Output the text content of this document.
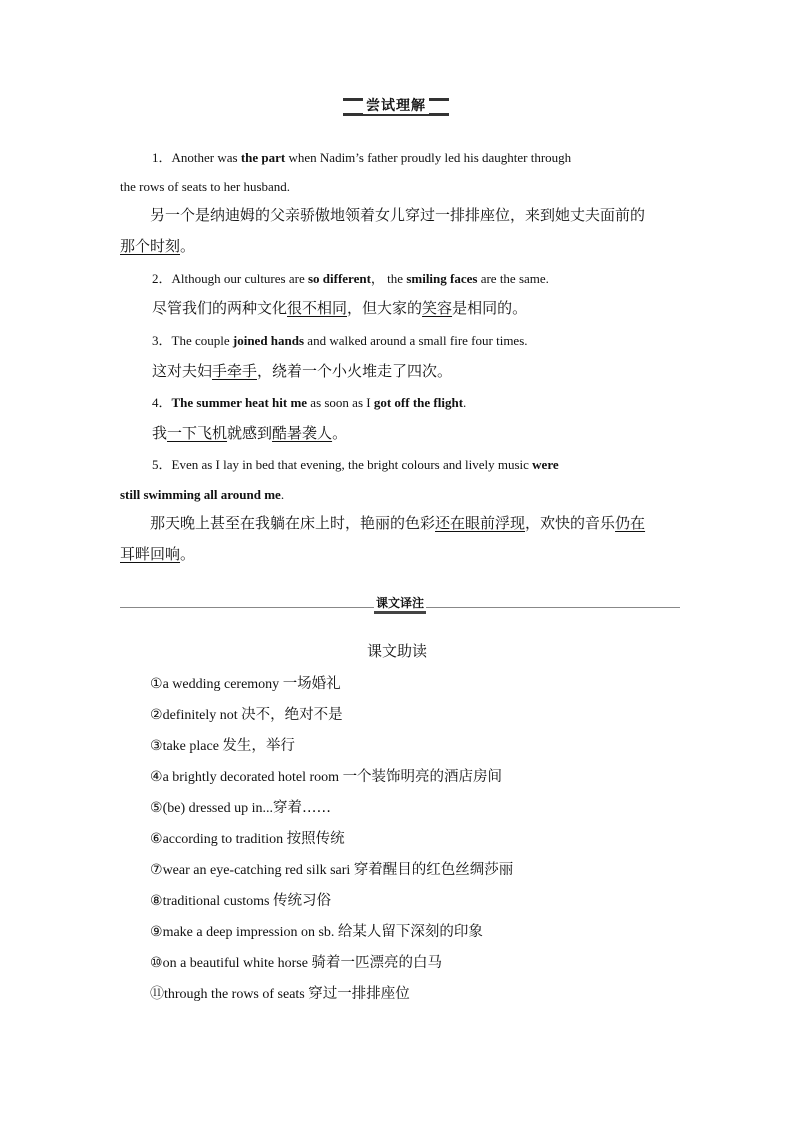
尝试理解
1．Another was the part when Nadim’s father proudly led his daughter through
the rows of seats to her husband.
另一个是纳迪姆的父亲骄傲地领着女儿穿过一排排座位，来到她丈夫面前的
那个时刻。
2．Although our cultures are so different， the smiling faces are the same.
尽管我们的两种文化很不相同，但大家的笑容是相同的。
3．The couple joined hands and walked around a small fire four times.
这对夫妇手牵手，绕着一个小火堆走了四次。
4．The summer heat hit me as soon as I got off the flight.
我一下飞机就感到酷暑袭人。
5．Even as I lay in bed that evening, the bright colours and lively music were
still swimming all around me.
那天晚上甚至在我躺在床上时，艳丽的色彩还在眼前浮现，欢快的音乐仍在
耳畔回响。
课文译注
课文助读
①a wedding ceremony 一场婚礼
②definitely not 决不，绝对不是
③take place 发生，举行
④a brightly decorated hotel room 一个装饰明亮的酒店房间
⑤(be) dressed up in...穿着……
⑥according to tradition 按照传统
⑦wear an eye-catching red silk sari 穿着醒目的红色丝绸莎丽
⑧traditional customs 传统习俗
⑨make a deep impression on sb. 给某人留下深刻的印象
⑩on a beautiful white horse 骑着一匹漂亮的白马
⑪through the rows of seats 穿过一排排座位
